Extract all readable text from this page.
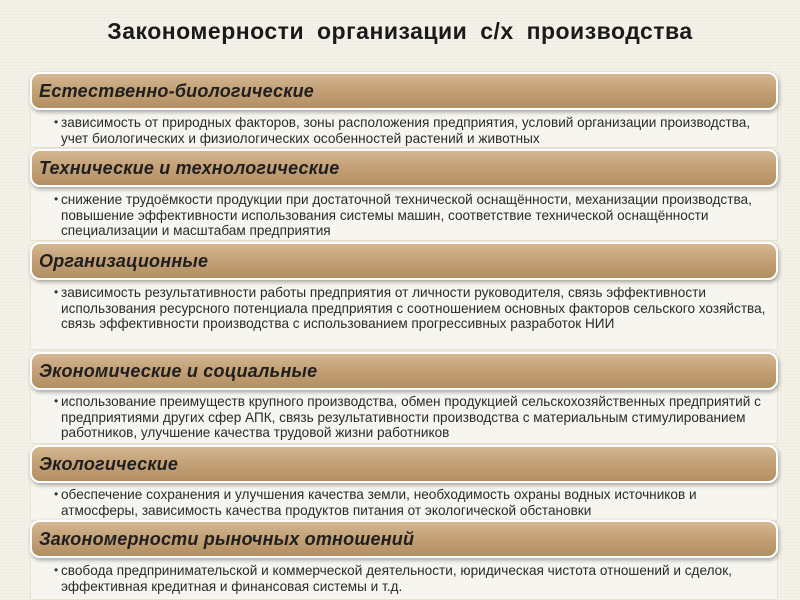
Закономерности организации с/х производства
Естественно-биологические
• зависимость от природных факторов, зоны расположения предприятия, условий организации производства, учет биологических и физиологических особенностей растений и животных
Технические и технологические
• снижение трудоёмкости продукции при достаточной технической оснащённости, механизации производства, повышение эффективности использования системы машин, соответствие технической оснащённости специализации и масштабам предприятия
Организационные
• зависимость результативности работы предприятия от личности руководителя, связь эффективности использования ресурсного потенциала предприятия с соотношением основных факторов сельского хозяйства, связь эффективности производства с использованием прогрессивных разработок НИИ
Экономические и социальные
• использование преимуществ крупного производства, обмен продукцией сельскохозяйственных предприятий с предприятиями других сфер АПК, связь результативности производства с материальным стимулированием работников, улучшение качества трудовой жизни работников
Экологические
• обеспечение сохранения и улучшения качества земли, необходимость охраны водных источников и атмосферы, зависимость качества продуктов питания от экологической обстановки
Закономерности рыночных отношений
• свобода предпринимательской и коммерческой деятельности, юридическая чистота отношений и сделок, эффективная кредитная и финансовая системы и т.д.
